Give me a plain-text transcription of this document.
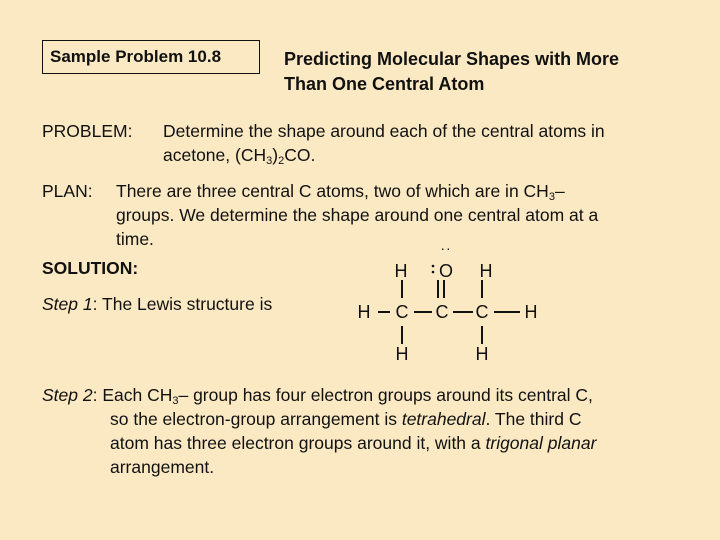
Sample Problem 10.8	Predicting Molecular Shapes with More
Than One Central Atom
PROBLEM: Determine the shape around each of the central atoms in
acetone, $(CH_3)_2CO$.
PLAN: There are three central C atoms, two of which are in $CH_3-$
groups. We determine the shape around one central atom at a
time.
SOLUTION:
Step 1: The Lewis structure is
H O
··
H
H C C C H
H	H
Step 2: Each $CH_3-$ group has four electron groups around its central C,
so the electron-group arrangement is tetrahedral. The third C
atom has three electron groups around it, with a trigonal planar
arrangement.
